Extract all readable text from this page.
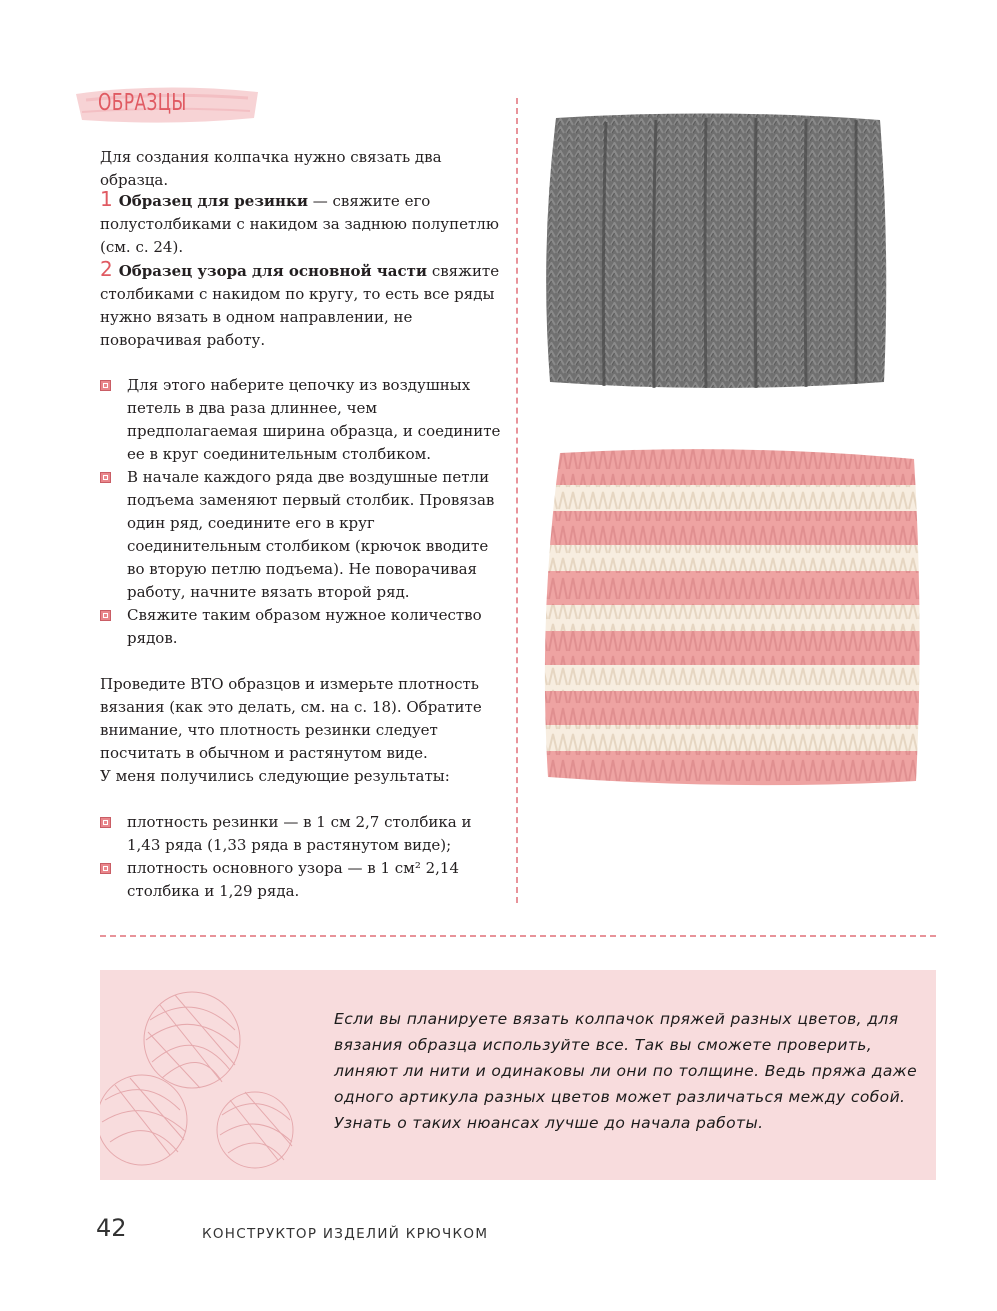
ОБРАЗЦЫ
Для создания колпачка нужно связать два образца.
1 Образец для резинки — свяжите его полустолбиками с накидом за заднюю полупетлю (см. с. 24).
2 Образец узора для основной части свяжите столбиками с накидом по кругу, то есть все ряды нужно вязать в одном направлении, не поворачивая работу.
Для этого наберите цепочку из воздушных петель в два раза длиннее, чем предполагаемая ширина образца, и соедините ее в круг соединительным столбиком.
В начале каждого ряда две воздушные петли подъема заменяют первый столбик. Провязав один ряд, соедините его в круг соединительным столбиком (крючок вводите во вторую петлю подъема). Не поворачивая работу, начните вязать второй ряд.
Свяжите таким образом нужное количество рядов.
Проведите ВТО образцов и измерьте плотность вязания (как это делать, см. на с. 18). Обратите внимание, что плотность резинки следует посчитать в обычном и растянутом виде.
У меня получились следующие результаты:
плотность резинки — в 1 см 2,7 столбика и 1,43 ряда (1,33 ряда в растянутом виде);
плотность основного узора — в 1 см² 2,14 столбика и 1,29 ряда.
Если вы планируете вязать колпачок пряжей разных цветов, для вязания образца используйте все. Так вы сможете проверить, линяют ли нити и одинаковы ли они по толщине. Ведь пряжа даже одного артикула разных цветов может различаться между собой. Узнать о таких нюансах лучше до начала работы.
42	КОНСТРУКТОР ИЗДЕЛИЙ КРЮЧКОМ
